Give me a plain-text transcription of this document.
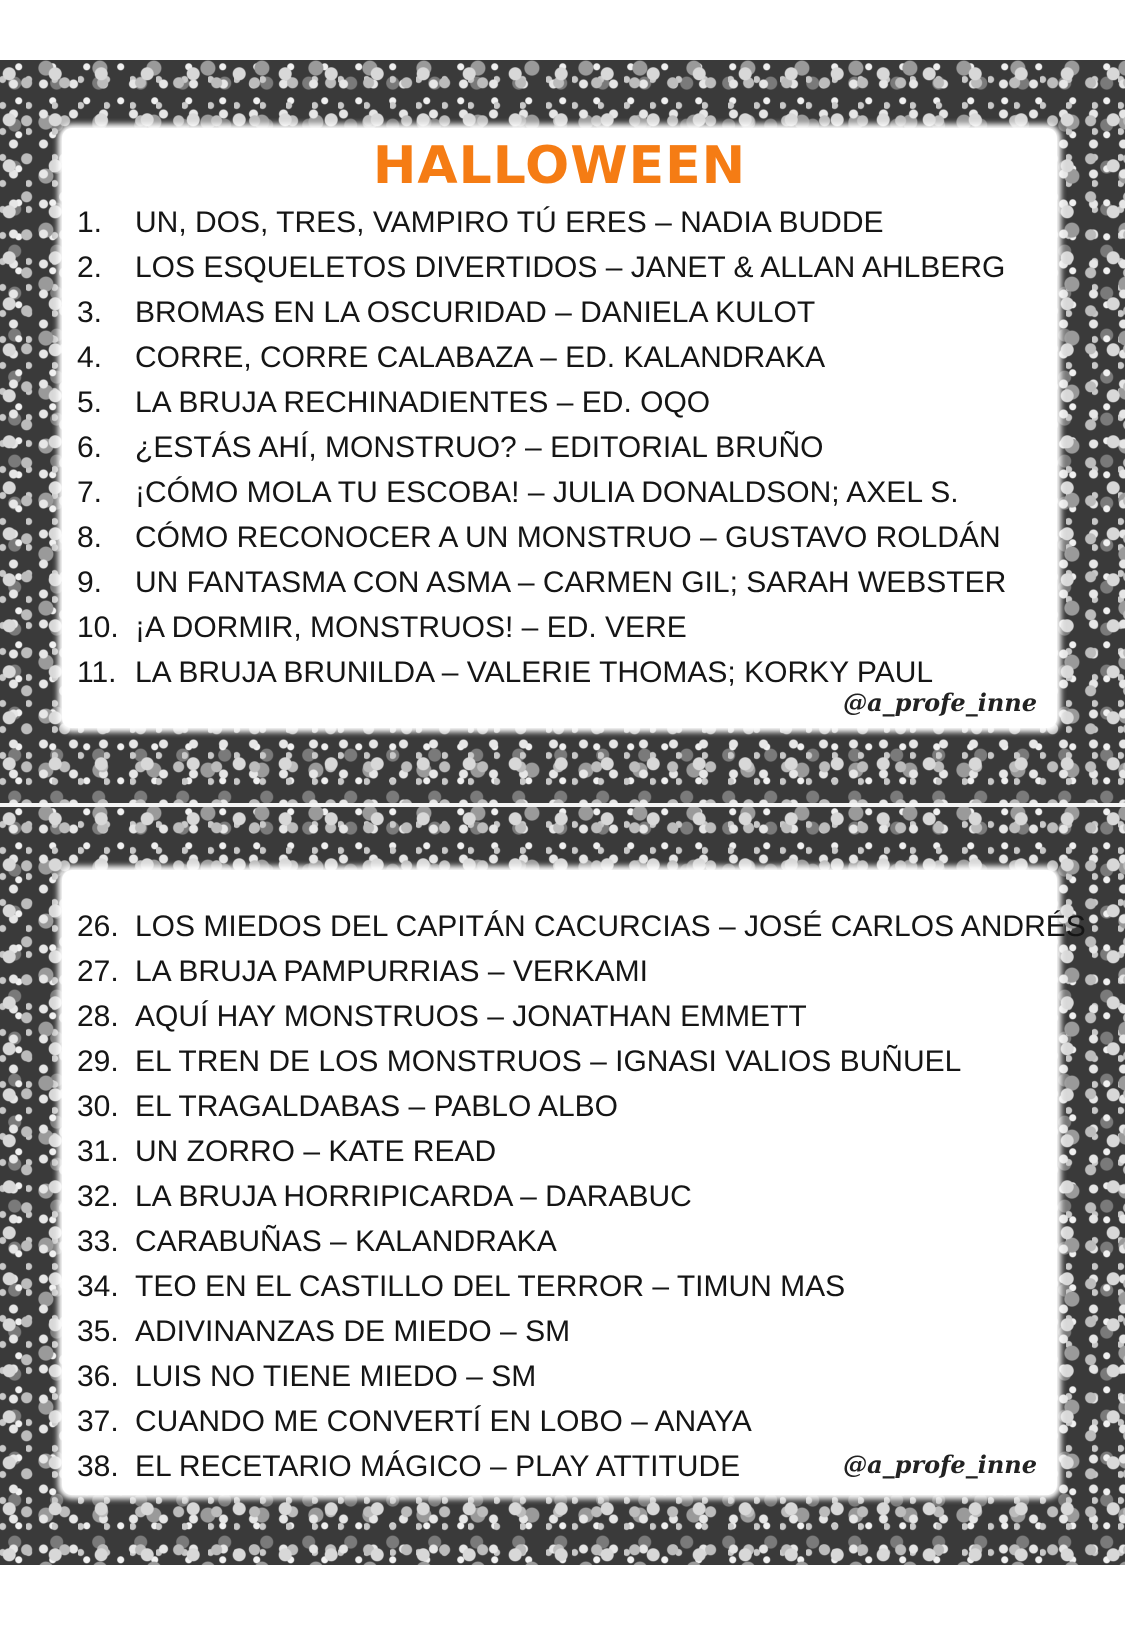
HALLOWEEN
1.	UN, DOS, TRES, VAMPIRO TÚ ERES – NADIA BUDDE
2.	LOS ESQUELETOS DIVERTIDOS – JANET & ALLAN AHLBERG
3.	BROMAS EN LA OSCURIDAD – DANIELA KULOT
4.	CORRE, CORRE CALABAZA – ED. KALANDRAKA
5.	LA BRUJA RECHINADIENTES – ED. OQO
6.	¿ESTÁS AHÍ, MONSTRUO? – EDITORIAL BRUÑO
7.	¡CÓMO MOLA TU ESCOBA! – JULIA DONALDSON; AXEL S.
8.	CÓMO RECONOCER A UN MONSTRUO – GUSTAVO ROLDÁN
9.	UN FANTASMA CON ASMA – CARMEN GIL; SARAH WEBSTER
10. ¡A DORMIR, MONSTRUOS! – ED. VERE
11. LA BRUJA BRUNILDA – VALERIE THOMAS; KORKY PAUL
@a_profe_inne
26. LOS MIEDOS DEL CAPITÁN CACURCIAS – JOSÉ CARLOS ANDRÉS
27. LA BRUJA PAMPURRIAS – VERKAMI
28. AQUÍ HAY MONSTRUOS – JONATHAN EMMETT
29. EL TREN DE LOS MONSTRUOS – IGNASI VALIOS BUÑUEL
30. EL TRAGALDABAS – PABLO ALBO
31. UN ZORRO – KATE READ
32. LA BRUJA HORRIPICARDA – DARABUC
33. CARABUÑAS – KALANDRAKA
34. TEO EN EL CASTILLO DEL TERROR – TIMUN MAS
35. ADIVINANZAS DE MIEDO – SM
36. LUIS NO TIENE MIEDO – SM
37. CUANDO ME CONVERTÍ EN LOBO – ANAYA
38. EL RECETARIO MÁGICO – PLAY ATTITUDE	@a_profe_inne
